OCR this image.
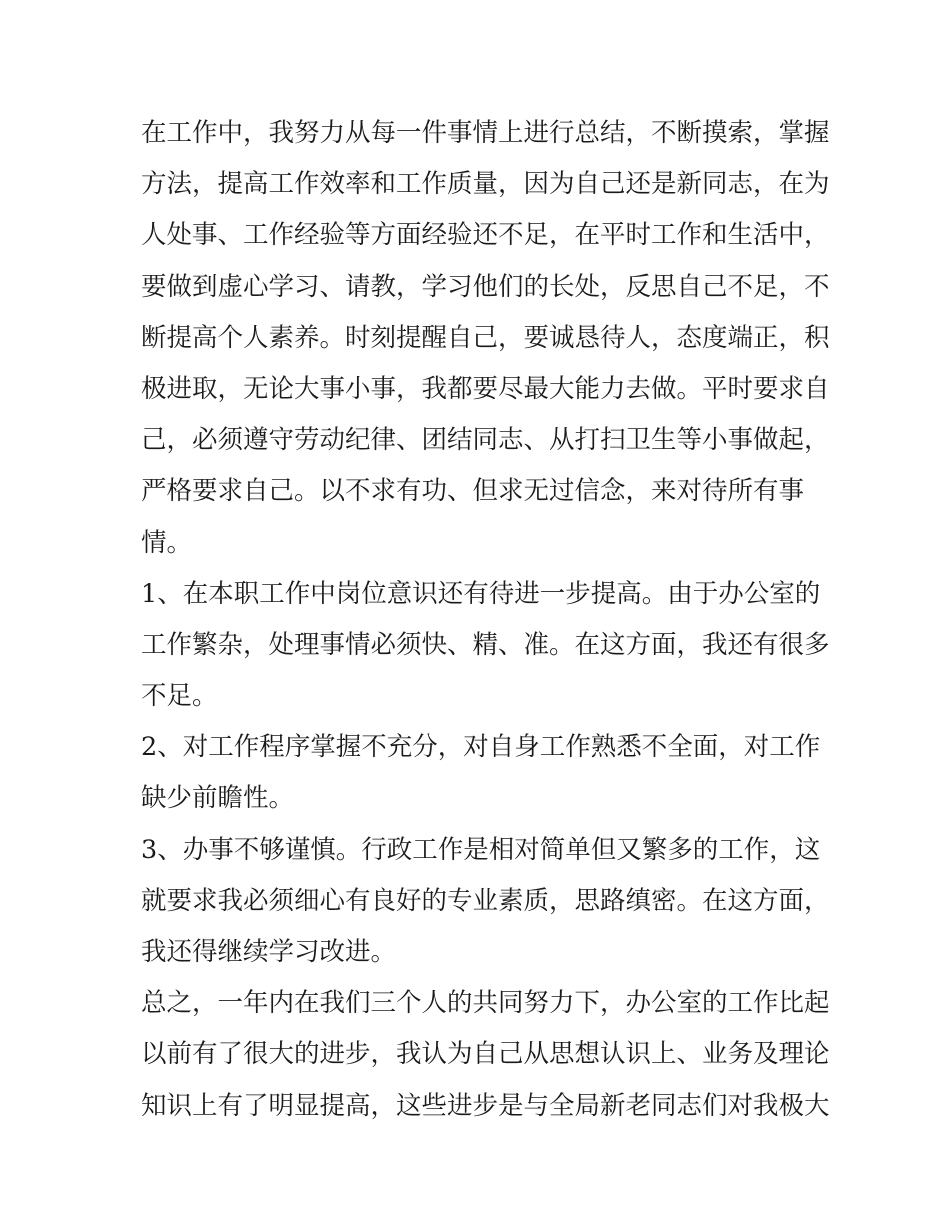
在工作中，我努力从每一件事情上进行总结，不断摸索，掌握
方法，提高工作效率和工作质量，因为自己还是新同志，在为
人处事、工作经验等方面经验还不足，在平时工作和生活中，
要做到虚心学习、请教，学习他们的长处，反思自己不足，不
断提高个人素养。时刻提醒自己，要诚恳待人，态度端正，积
极进取，无论大事小事，我都要尽最大能力去做。平时要求自
己，必须遵守劳动纪律、团结同志、从打扫卫生等小事做起，
严格要求自己。以不求有功、但求无过信念，来对待所有事
情。
1、在本职工作中岗位意识还有待进一步提高。由于办公室的
工作繁杂，处理事情必须快、精、准。在这方面，我还有很多
不足。
2、对工作程序掌握不充分，对自身工作熟悉不全面，对工作
缺少前瞻性。
3、办事不够谨慎。行政工作是相对简单但又繁多的工作，这
就要求我必须细心有良好的专业素质，思路缜密。在这方面，
我还得继续学习改进。
总之，一年内在我们三个人的共同努力下，办公室的工作比起
以前有了很大的进步，我认为自己从思想认识上、业务及理论
知识上有了明显提高，这些进步是与全局新老同志们对我极大
